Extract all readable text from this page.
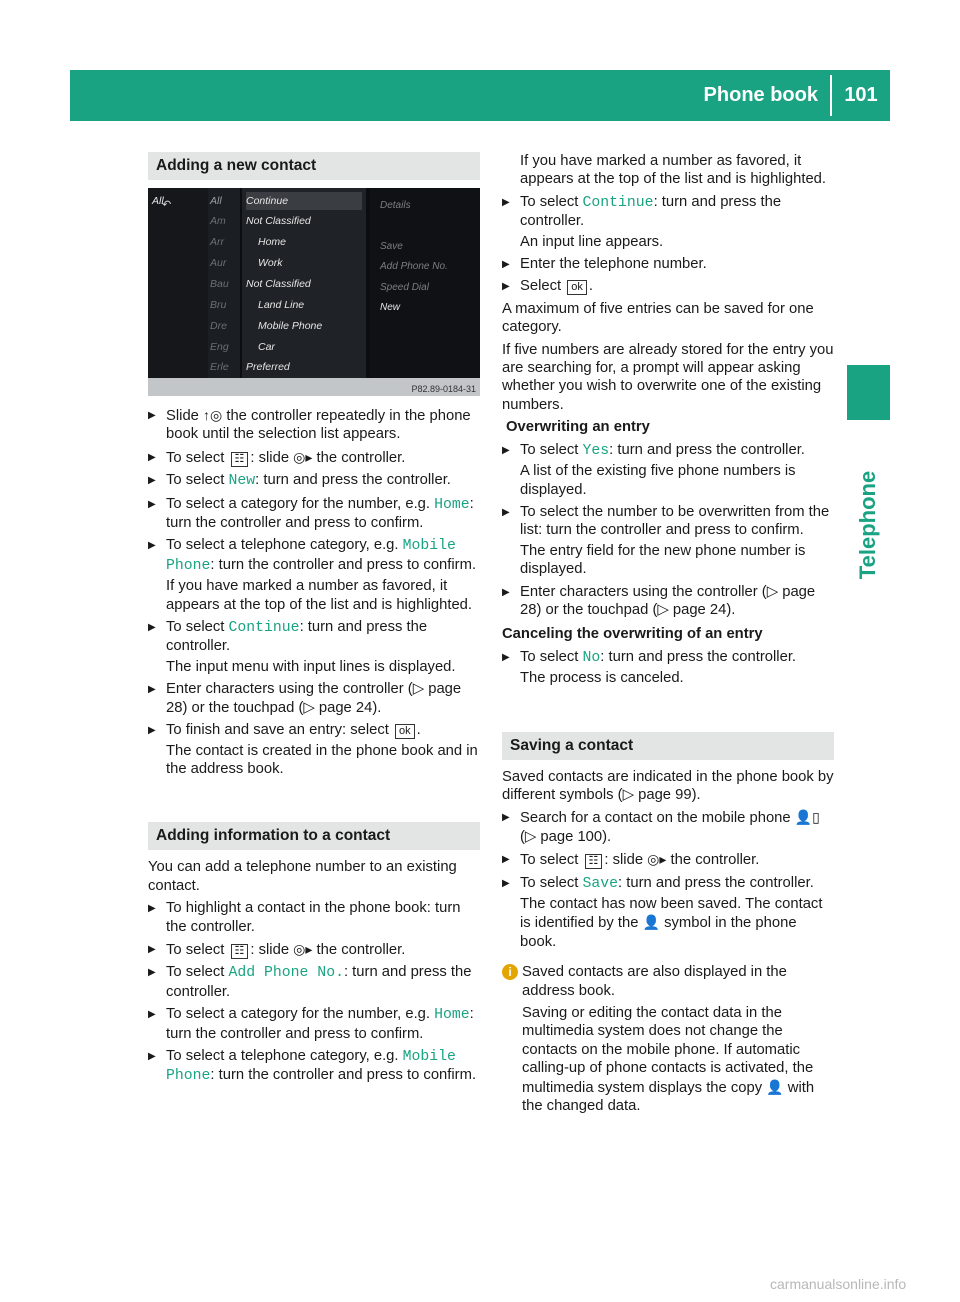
Phone book	101
Telephone
Adding a new contact
↶
All	All
Am
Arr
Aur
Bau
Bru
Dre
Eng
Erle
Continue
Not Classified
Home
Work
Not Classified
Land Line
Mobile Phone
Car
Preferred
Details
Save
Add Phone No.
Speed Dial
New
P82.89-0184-31
▶ Slide ↑◎ the controller repeatedly in the phone book until the selection list appears.
▶ To select ☷ : slide ◎▸ the controller.
▶ To select New: turn and press the controller.
▶ To select a category for the number, e.g. Home: turn the controller and press to confirm.
▶ To select a telephone category, e.g. Mobile Phone: turn the controller and press to confirm.
If you have marked a number as favored, it appears at the top of the list and is highlighted.
▶ To select Continue: turn and press the controller.
The input menu with input lines is displayed.
▶ Enter characters using the controller (▷ page 28) or the touchpad (▷ page 24).
▶ To finish and save an entry: select ok .
The contact is created in the phone book and in the address book.
Adding information to a contact

You can add a telephone number to an existing contact.

▶ To highlight a contact in the phone book: turn the controller.
▶ To select ☷ : slide ◎▸ the controller.
▶ To select Add Phone No.: turn and press the controller.
▶ To select a category for the number, e.g. Home: turn the controller and press to confirm.
▶ To select a telephone category, e.g. Mobile Phone: turn the controller and press to confirm.

If you have marked a number as favored, it appears at the top of the list and is highlighted.

▶ To select Continue: turn and press the controller.
An input line appears.
▶ Enter the telephone number.
▶ Select ok .

A maximum of five entries can be saved for one category.

If five numbers are already stored for the entry you are searching for, a prompt will appear asking whether you wish to overwrite one of the existing numbers.

Overwriting an entry

▶ To select Yes: turn and press the controller.
A list of the existing five phone numbers is displayed.
▶ To select the number to be overwritten from the list: turn the controller and press to confirm.
The entry field for the new phone number is displayed.
▶ Enter characters using the controller (▷ page 28) or the touchpad (▷ page 24).

Canceling the overwriting of an entry

▶ To select No: turn and press the controller.
The process is canceled.
Saving a contact

Saved contacts are indicated in the phone book by different symbols (▷ page 99).

▶ Search for a contact on the mobile phone 👤▯ (▷ page 100).
▶ To select ☷ : slide ◎▸ the controller.
▶ To select Save: turn and press the controller.
The contact has now been saved. The contact is identified by the 👤 symbol in the phone book.
i Saved contacts are also displayed in the address book.

Saving or editing the contact data in the multimedia system does not change the contacts on the mobile phone. If automatic calling-up of phone contacts is activated, the multimedia system displays the copy 👤 with the changed data.

carmanualsonline.info
